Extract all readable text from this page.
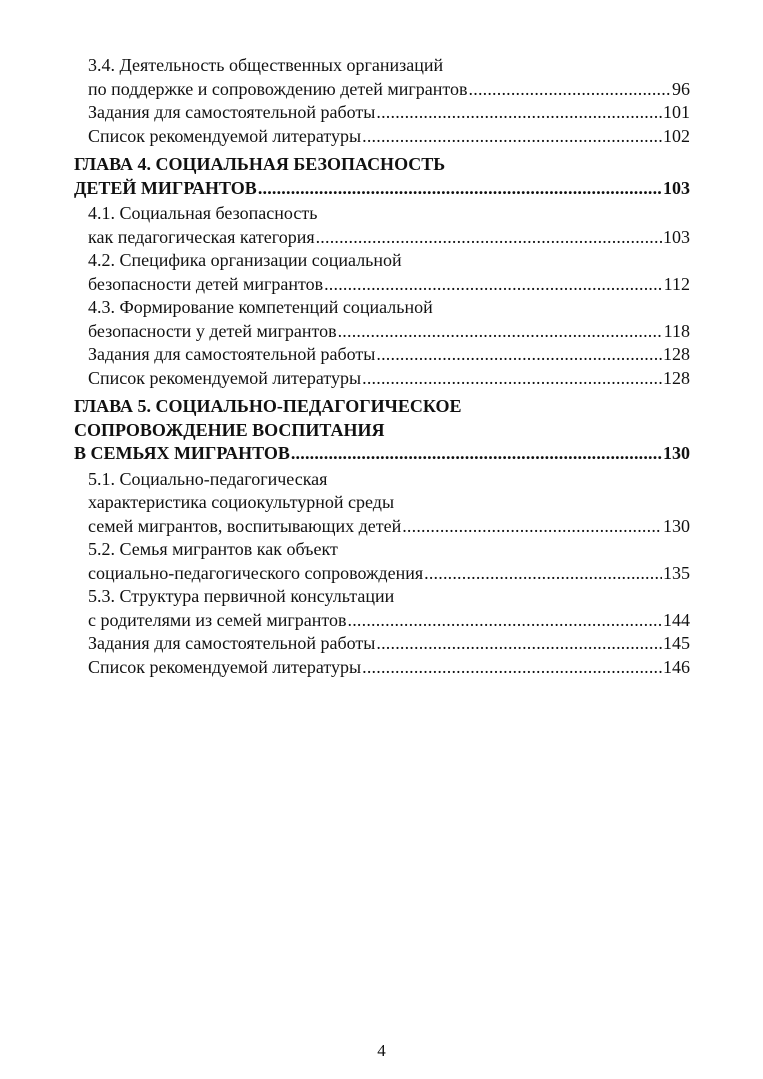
3.4. Деятельность общественных организаций
по поддержке и сопровождению детей мигрантов .....	96
Задания для самостоятельной работы .....	101
Список рекомендуемой литературы .....	102
ГЛАВА 4. СОЦИАЛЬНАЯ БЕЗОПАСНОСТЬ
ДЕТЕЙ МИГРАНТОВ .....	103
4.1. Социальная безопасность
как педагогическая категория .....	103
4.2. Специфика организации социальной
безопасности детей мигрантов .....	112
4.3. Формирование компетенций социальной
безопасности у детей мигрантов .....	118
Задания для самостоятельной работы .....	128
Список рекомендуемой литературы .....	128
ГЛАВА 5. СОЦИАЛЬНО-ПЕДАГОГИЧЕСКОЕ
СОПРОВОЖДЕНИЕ ВОСПИТАНИЯ
В СЕМЬЯХ МИГРАНТОВ .....	130
5.1. Социально-педагогическая
характеристика социокультурной среды
семей мигрантов, воспитывающих детей .....	130
5.2. Семья мигрантов как объект
социально-педагогического сопровождения .....	135
5.3. Структура первичной консультации
с родителями из семей мигрантов .....	144
Задания для самостоятельной работы .....	145
Список рекомендуемой литературы .....	146
4
